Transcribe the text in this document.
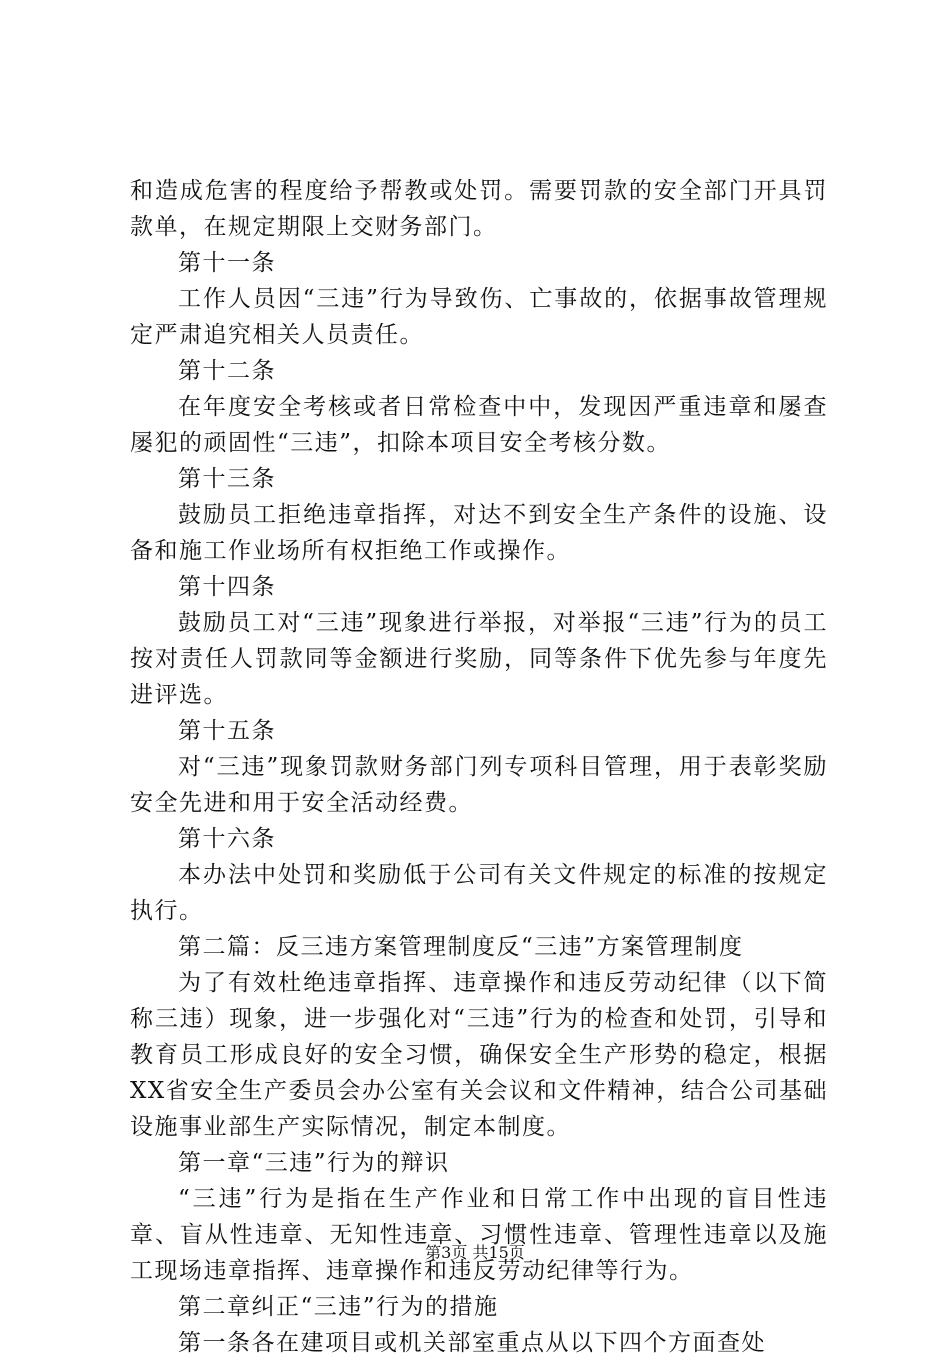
和造成危害的程度给予帮教或处罚。需要罚款的安全部门开具罚款单，在规定期限上交财务部门。

第十一条

工作人员因“三违”行为导致伤、亡事故的，依据事故管理规定严肃追究相关人员责任。

第十二条

在年度安全考核或者日常检查中中，发现因严重违章和屡查屡犯的顽固性“三违”，扣除本项目安全考核分数。

第十三条

鼓励员工拒绝违章指挥，对达不到安全生产条件的设施、设备和施工作业场所有权拒绝工作或操作。

第十四条

鼓励员工对“三违”现象进行举报，对举报“三违”行为的员工按对责任人罚款同等金额进行奖励，同等条件下优先参与年度先进评选。

第十五条

对“三违”现象罚款财务部门列专项科目管理，用于表彰奖励安全先进和用于安全活动经费。

第十六条

本办法中处罚和奖励低于公司有关文件规定的标准的按规定执行。

第二篇：反三违方案管理制度反“三违”方案管理制度

为了有效杜绝违章指挥、违章操作和违反劳动纪律（以下简称三违）现象，进一步强化对“三违”行为的检查和处罚，引导和教育员工形成良好的安全习惯，确保安全生产形势的稳定，根据XX省安全生产委员会办公室有关会议和文件精神，结合公司基础设施事业部生产实际情况，制定本制度。

第一章“三违”行为的辩识

“三违”行为是指在生产作业和日常工作中出现的盲目性违章、盲从性违章、无知性违章、习惯性违章、管理性违章以及施工现场违章指挥、违章操作和违反劳动纪律等行为。

第二章纠正“三违”行为的措施

第一条各在建项目或机关部室重点从以下四个方面查处

第3页 共15页
